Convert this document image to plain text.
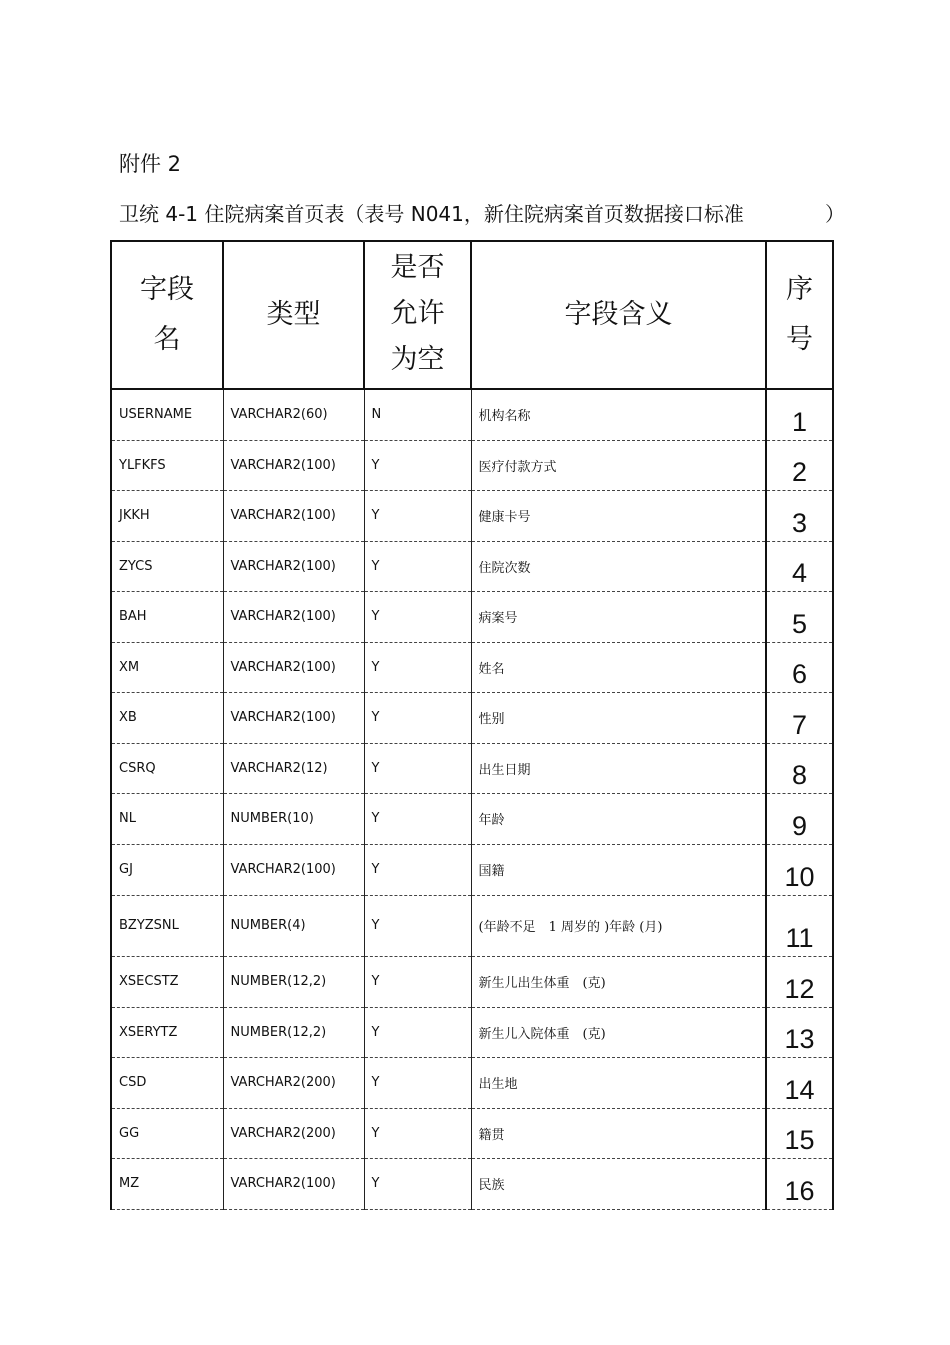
附件 2
卫统 4-1 住院病案首页表（表号 N041，新住院病案首页数据接口标准	）
字段名	类型	是否允许为空	字段含义	序号
USERNAME	VARCHAR2(60)	N	机构名称	1

YLFKFS	VARCHAR2(100)	Y	医疗付款方式	2

JKKH	VARCHAR2(100)	Y	健康卡号	3

ZYCS	VARCHAR2(100)	Y	住院次数	4

BAH	VARCHAR2(100)	Y	病案号	5

XM	VARCHAR2(100)	Y	姓名	6

XB	VARCHAR2(100)	Y	性别	7

CSRQ	VARCHAR2(12)	Y	出生日期	8

NL	NUMBER(10)	Y	年龄	9

GJ	VARCHAR2(100)	Y	国籍	10

BZYZSNL	NUMBER(4)	Y	(年龄不足　1 周岁的 )年龄 (月)	11

XSECSTZ	NUMBER(12,2)	Y	新生儿出生体重　(克)	12

XSERYTZ	NUMBER(12,2)	Y	新生儿入院体重　(克)	13

CSD	VARCHAR2(200)	Y	出生地	14

GG	VARCHAR2(200)	Y	籍贯	15

MZ	VARCHAR2(100)	Y	民族	16
